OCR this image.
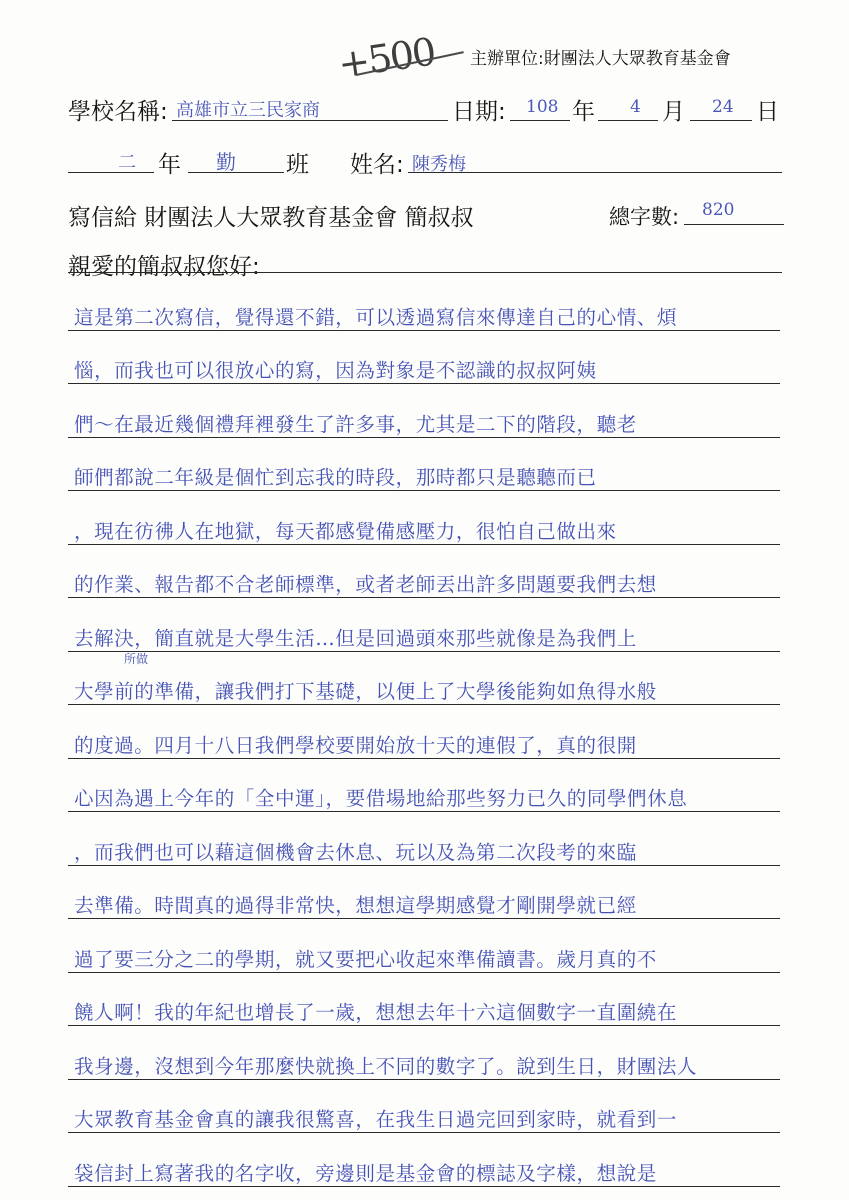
+500 主辦單位:財團法人大眾教育基金會
學校名稱: 高雄市立三民家商	日期: 108 年 4 月 24 日
二 年 勤 班 姓名: 陳秀梅
寫信給 財團法人大眾教育基金會 簡叔叔	總字數: 820
親愛的簡叔叔您好:
所做
這是第二次寫信，覺得還不錯，可以透過寫信來傳達自己的心情、煩
惱，而我也可以很放心的寫，因為對象是不認識的叔叔阿姨
們～在最近幾個禮拜裡發生了許多事，尤其是二下的階段，聽老
師們都說二年級是個忙到忘我的時段，那時都只是聽聽而已
，現在彷彿人在地獄，每天都感覺備感壓力，很怕自己做出來
的作業、報告都不合老師標準，或者老師丟出許多問題要我們去想
去解決，簡直就是大學生活…但是回過頭來那些就像是為我們上
大學前的準備，讓我們打下基礎，以便上了大學後能夠如魚得水般
的度過。四月十八日我們學校要開始放十天的連假了，真的很開
心因為遇上今年的「全中運」，要借場地給那些努力已久的同學們休息
，而我們也可以藉這個機會去休息、玩以及為第二次段考的來臨
去準備。時間真的過得非常快，想想這學期感覺才剛開學就已經
過了要三分之二的學期，就又要把心收起來準備讀書。歲月真的不
饒人啊！我的年紀也增長了一歲，想想去年十六這個數字一直圍繞在
我身邊，沒想到今年那麼快就換上不同的數字了。說到生日，財團法人
大眾教育基金會真的讓我很驚喜，在我生日過完回到家時，就看到一
袋信封上寫著我的名字收，旁邊則是基金會的標誌及字樣，想說是
